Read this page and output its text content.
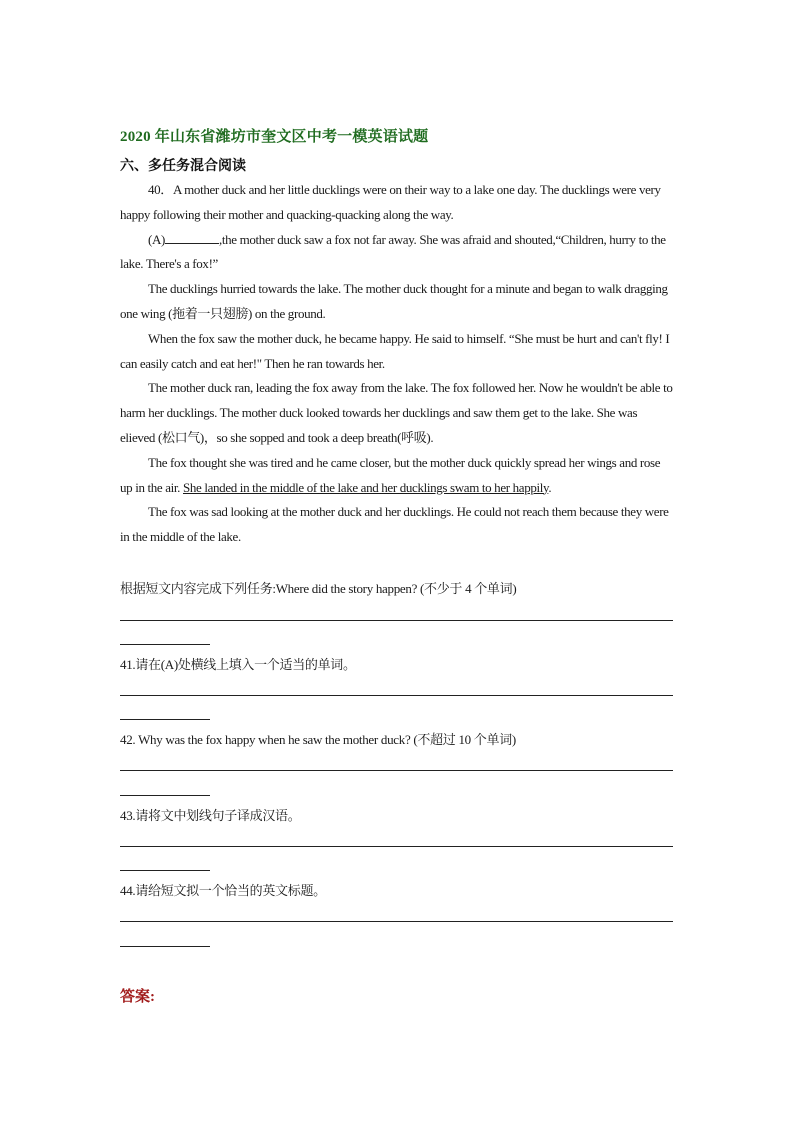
2020 年山东省潍坊市奎文区中考一模英语试题
六、多任务混合阅读

40．A mother duck and her little ducklings were on their way to a lake one day. The ducklings were very happy following their mother and quacking-quacking along the way.

(A)	,the mother duck saw a fox not far away. She was afraid and shouted,“Children, hurry to the lake. There's a fox!”

The ducklings hurried towards the lake. The mother duck thought for a minute and began to walk dragging one wing (拖着一只翅膀) on the ground.

When the fox saw the mother duck, he became happy. He said to himself. “She must be hurt and can't fly! I can easily catch and eat her!" Then he ran towards her.

The mother duck ran, leading the fox away from the lake. The fox followed her. Now he wouldn't be able to harm her ducklings. The mother duck looked towards her ducklings and saw them get to the lake. She was elieved (松口气)，so she sopped and took a deep breath(呼吸).

The fox thought she was tired and he came closer, but the mother duck quickly spread her wings and rose up in the air. She landed in the middle of the lake and her ducklings swam to her happily.

The fox was sad looking at the mother duck and her ducklings. He could not reach them because they were in the middle of the lake.

根据短文内容完成下列任务:Where did the story happen? (不少于 4 个单词)
41.请在(A)处横线上填入一个适当的单词。
42. Why was the fox happy when he saw the mother duck? (不超过 10 个单词)
43.请将文中划线句子译成汉语。
44.请给短文拟一个恰当的英文标题。
答案:
